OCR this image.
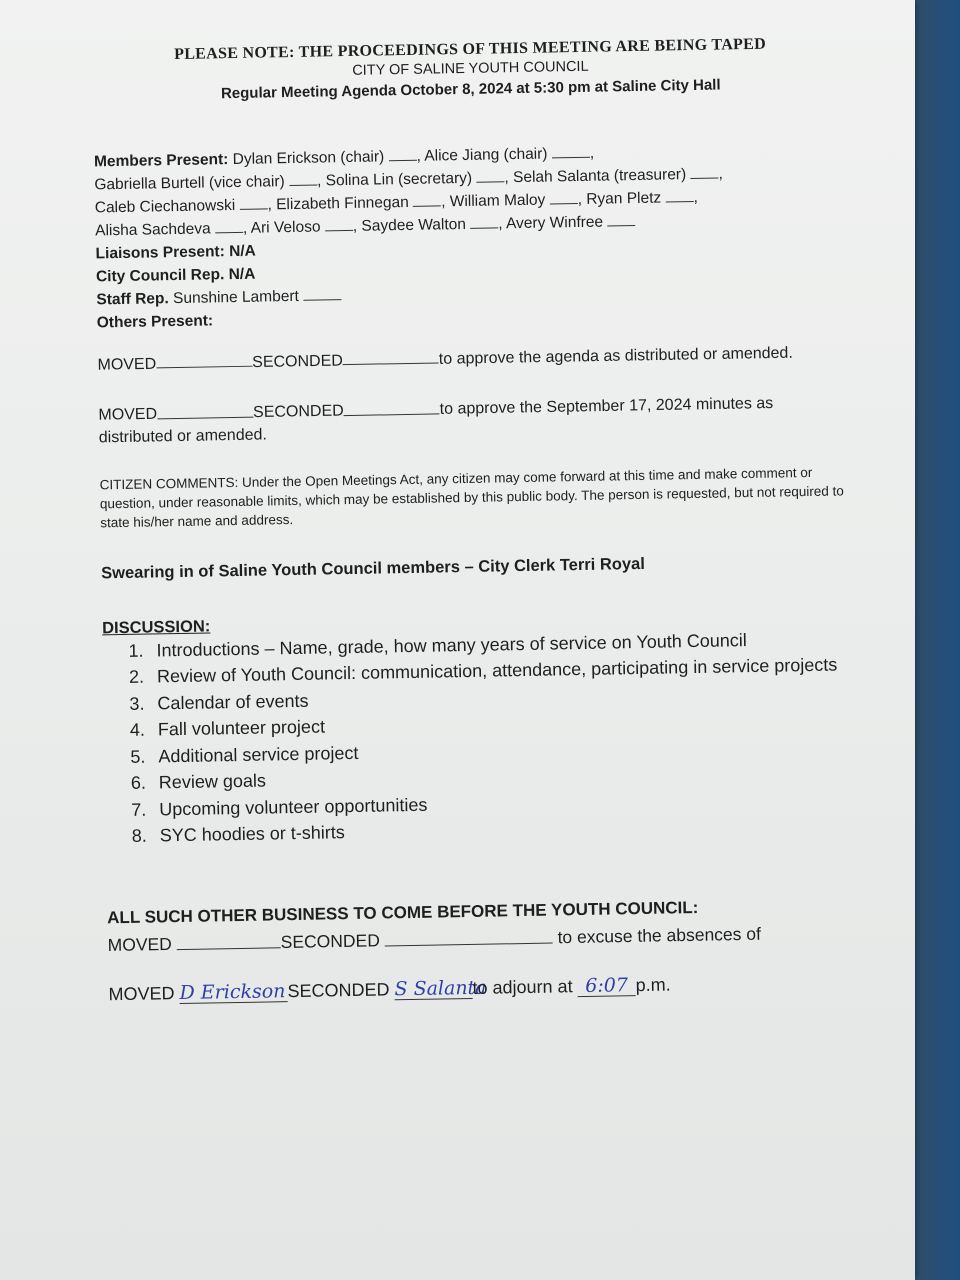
PLEASE NOTE: THE PROCEEDINGS OF THIS MEETING ARE BEING TAPED
CITY OF SALINE YOUTH COUNCIL
Regular Meeting Agenda October 8, 2024 at 5:30 pm at Saline City Hall
Members Present: Dylan Erickson (chair) , Alice Jiang (chair)	,
Gabriella Burtell (vice chair) , Solina Lin (secretary) , Selah Salanta (treasurer) ,
Caleb Ciechanowski , Elizabeth Finnegan , William Maloy , Ryan Pletz ,
Alisha Sachdeva , Ari Veloso , Saydee Walton , Avery Winfree
Liaisons Present: N/A
City Council Rep. N/A
Staff Rep. Sunshine Lambert
Others Present:
MOVED	SECONDED	to approve the agenda as distributed or amended.
MOVED	SECONDED	to approve the September 17, 2024 minutes as
distributed or amended.
CITIZEN COMMENTS: Under the Open Meetings Act, any citizen may come forward at this time and make comment or question, under reasonable limits, which may be established by this public body. The person is requested, but not required to state his/her name and address.
Swearing in of Saline Youth Council members – City Clerk Terri Royal
DISCUSSION:
1. Introductions – Name, grade, how many years of service on Youth Council
2. Review of Youth Council: communication, attendance, participating in service projects
3. Calendar of events
4. Fall volunteer project
5. Additional service project
6. Review goals
7. Upcoming volunteer opportunities
8. SYC hoodies or t-shirts
ALL SUCH OTHER BUSINESS TO COME BEFORE THE YOUTH COUNCIL:
MOVED	SECONDED	to excuse the absences of
MOVED D EricksonSECONDED S Salantato adjourn at 6:07 p.m.
